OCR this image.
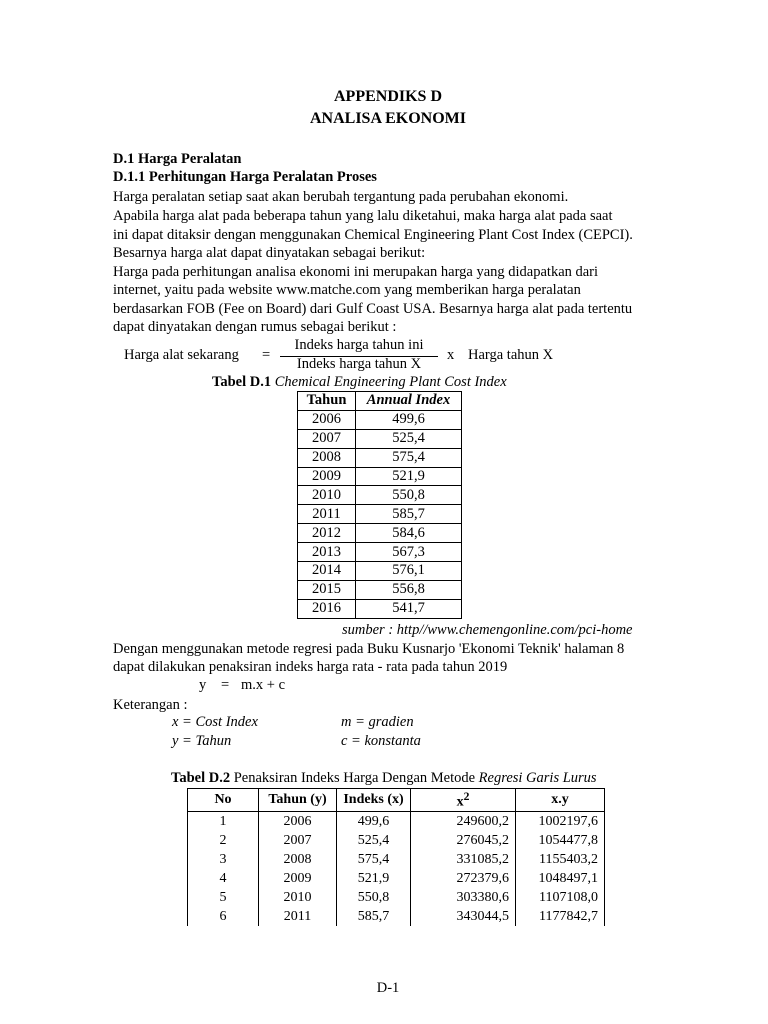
APPENDIKS D
ANALISA EKONOMI
D.1 Harga Peralatan
D.1.1 Perhitungan Harga Peralatan Proses
Harga peralatan setiap saat akan berubah tergantung pada perubahan ekonomi.
Apabila harga alat pada beberapa tahun yang lalu diketahui, maka harga alat pada saat
ini dapat ditaksir dengan menggunakan Chemical Engineering Plant Cost Index (CEPCI).
Besarnya harga alat dapat dinyatakan sebagai berikut:
Harga pada perhitungan analisa ekonomi ini merupakan harga yang didapatkan dari
internet, yaitu pada website www.matche.com yang memberikan harga peralatan
berdasarkan FOB (Fee on Board) dari Gulf Coast USA. Besarnya harga alat pada tertentu
dapat dinyatakan dengan rumus sebagai berikut :
Harga alat sekarang =
Indeks harga tahun ini
Indeks harga tahun X
x Harga tahun X
Tabel D.1 Chemical Engineering Plant Cost Index
Tahun	Annual Index
2006	499,6
2007	525,4
2008	575,4
2009	521,9
2010	550,8
2011	585,7
2012	584,6
2013	567,3
2014	576,1
2015	556,8
2016	541,7
sumber : http//www.chemengonline.com/pci-home
Dengan menggunakan metode regresi pada Buku Kusnarjo 'Ekonomi Teknik' halaman 8
dapat dilakukan penaksiran indeks harga rata - rata pada tahun 2019
y = m.x + c
Keterangan :
x = Cost Index
y = Tahun
m = gradien
c = konstanta
Tabel D.2 Penaksiran Indeks Harga Dengan Metode Regresi Garis Lurus
No	Tahun (y)	Indeks (x)	$x^2$	x.y
1	2006	499,6	249600,2	1002197,6
2	2007	525,4	276045,2	1054477,8
3	2008	575,4	331085,2	1155403,2
4	2009	521,9	272379,6	1048497,1
5	2010	550,8	303380,6	1107108,0
6	2011	585,7	343044,5	1177842,7
D-1
